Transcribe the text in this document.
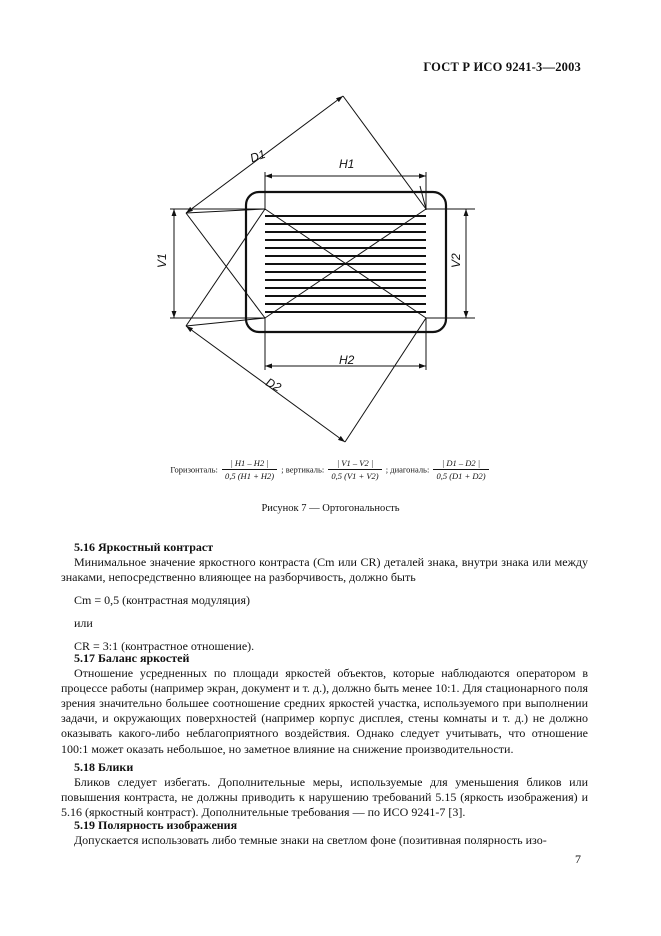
ГОСТ Р ИСО 9241-3—2003
D1	H1
H2
V1	V2
D2
Горизонталь: $\frac{| H1 - H2 |}{0,5 (H1 + H2)}$ ; вертикаль: $\frac{| V1 - V2 |}{0,5 (V1 + V2)}$ ; диагональ: $\frac{| D1 - D2 |}{0,5 (D1 + D2)}$
Рисунок 7 — Ортогональность
5.16 Яркостный контраст
Минимальное значение яркостного контраста (Cm или CR) деталей знака, внутри знака или между знаками, непосредственно влияющее на разборчивость, должно быть
Cm = 0,5 (контрастная модуляция)
или
CR = 3:1 (контрастное отношение).
5.17 Баланс яркостей
Отношение усредненных по площади яркостей объектов, которые наблюдаются оператором в процессе работы (например экран, документ и т. д.), должно быть менее 10:1. Для стационарного поля зрения значительно большее соотношение средних яркостей участка, используемого при выполнении задачи, и окружающих поверхностей (например корпус дисплея, стены комнаты и т. д.) не должно оказывать какого-либо неблагоприятного воздействия. Однако следует учитывать, что отношение 100:1 может оказать небольшое, но заметное влияние на снижение производительности.
5.18 Блики
Бликов следует избегать. Дополнительные меры, используемые для уменьшения бликов или повышения контраста, не должны приводить к нарушению требований 5.15 (яркость изображения) и 5.16 (яркостный контраст). Дополнительные требования — по ИСО 9241-7 [3].
5.19 Полярность изображения
Допускается использовать либо темные знаки на светлом фоне (позитивная полярность изо-
7
